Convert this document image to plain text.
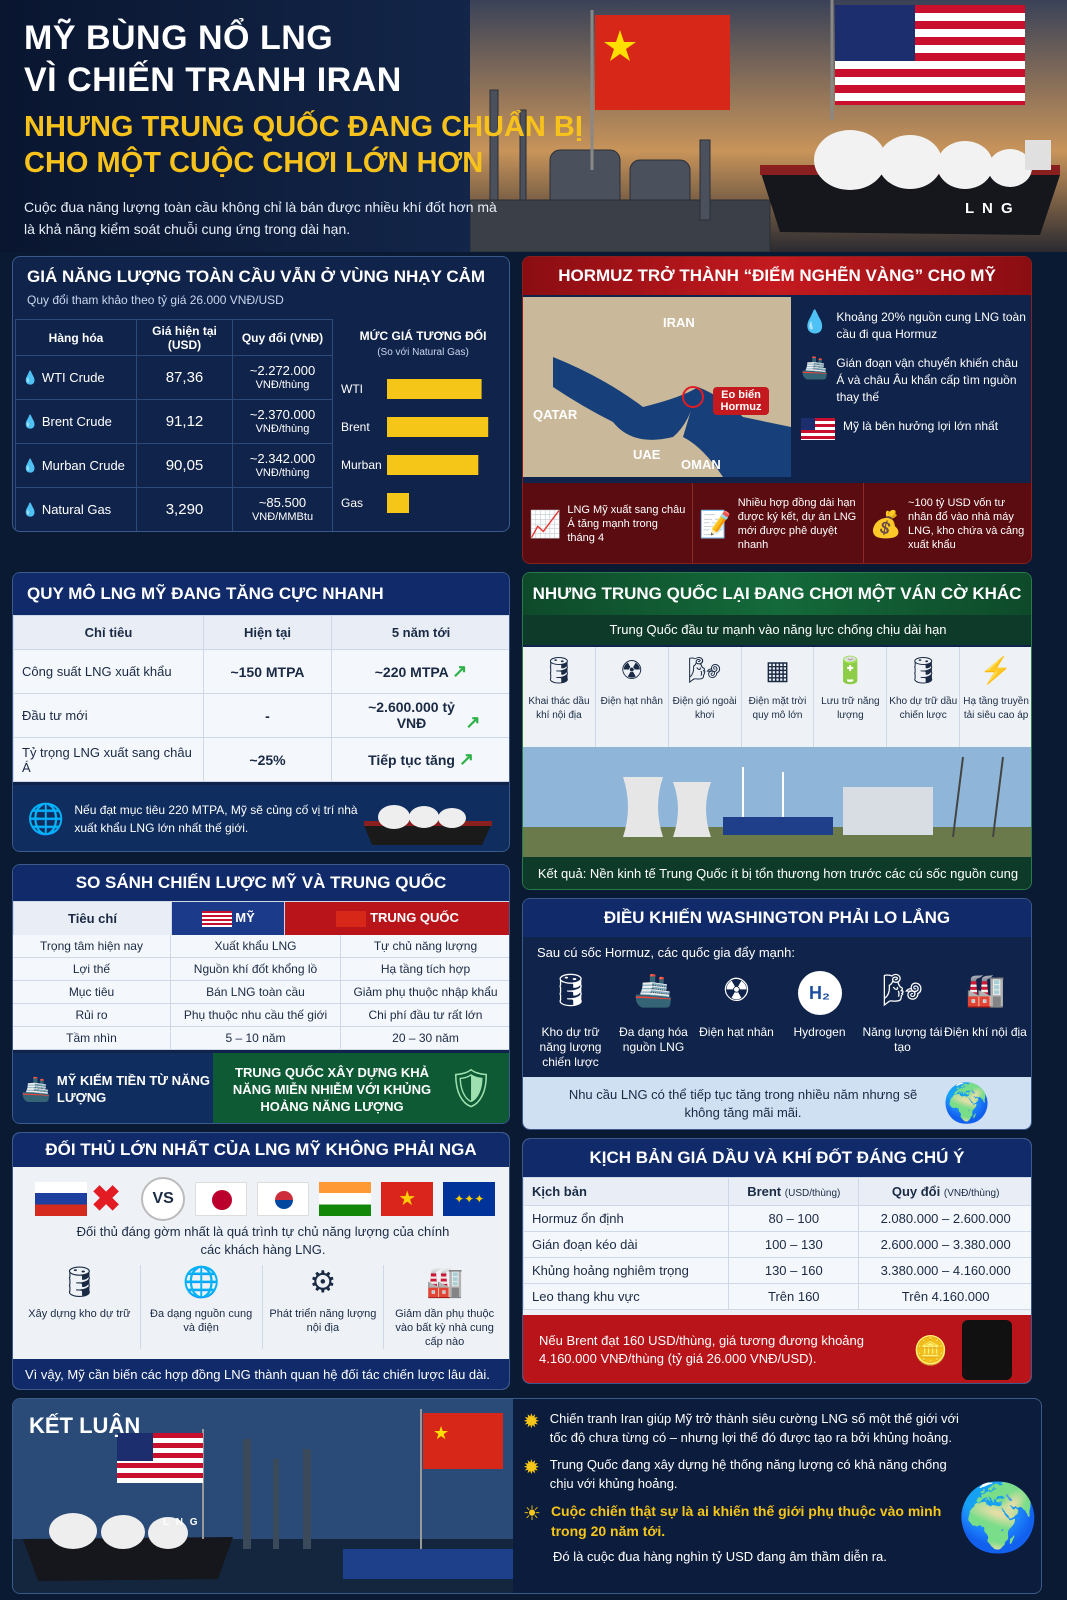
MỸ BÙNG NỔ LNG
VÌ CHIẾN TRANH IRAN
NHƯNG TRUNG QUỐC ĐANG CHUẨN BỊ
CHO MỘT CUỘC CHƠI LỚN HƠN
Cuộc đua năng lượng toàn cầu không chỉ là bán được nhiều khí đốt hơn mà là khả năng kiểm soát chuỗi cung ứng trong dài hạn.
L N G
GIÁ NĂNG LƯỢNG TOÀN CẦU VẪN Ở VÙNG NHẠY CẢM
Quy đổi tham khảo theo tỷ giá 26.000 VNĐ/USD
Hàng hóa	Giá hiện tại (USD)	Quy đổi (VNĐ)
💧 WTI Crude	87,36	~2.272.000
VNĐ/thùng

💧 Brent Crude	91,12	~2.370.000
VNĐ/thùng

💧 Murban Crude	90,05	~2.342.000
VNĐ/thùng

💧 Natural Gas	3,290	~85.500
VNĐ/MMBtu
MỨC GIÁ TƯƠNG ĐỐI
(So với Natural Gas)
WTI
Brent
Murban
Gas
HORMUZ TRỞ THÀNH “ĐIỂM NGHẼN VÀNG” CHO MỸ
IRAN
QATAR
UAE
OMAN
Eo biển Hormuz
💧 Khoảng 20% nguồn cung LNG toàn cầu đi qua Hormuz
🚢 Gián đoạn vận chuyển khiến châu Á và châu Âu khẩn cấp tìm nguồn thay thế
Mỹ là bên hưởng lợi lớn nhất
📈 LNG Mỹ xuất sang châu Á tăng mạnh trong tháng 4	📝
Nhiều hợp đồng dài hạn được ký kết, dự án LNG mới được phê duyệt nhanh
💰
~100 tỷ USD vốn tư nhân đổ vào nhà máy LNG, kho chứa và cảng xuất khẩu
QUY MÔ LNG MỸ ĐANG TĂNG CỰC NHANH
Chỉ tiêu	Hiện tại	5 năm tới
Công suất LNG xuất khẩu	~150 MTPA	~220 MTPA ↗
Đầu tư mới	-	~2.600.000 tỷ VNĐ ↗
Tỷ trọng LNG xuất sang châu Á	~25%	Tiếp tục tăng ↗
🌐 Nếu đạt mục tiêu 220 MTPA, Mỹ sẽ củng cố vị trí nhà xuất khẩu LNG lớn nhất thế giới.
NHƯNG TRUNG QUỐC LẠI ĐANG CHƠI MỘT VÁN CỜ KHÁC
Trung Quốc đầu tư mạnh vào năng lực chống chịu dài hạn
🛢
Khai thác dầu khí nội địa
☢
Điện hạt nhân
🌬
Điện gió ngoài khơi
▦
Điện mặt trời quy mô lớn
🔋
Lưu trữ năng lượng
🛢
Kho dự trữ dầu chiến lược
⚡
Hạ tầng truyền tải siêu cao áp
Kết quả: Nền kinh tế Trung Quốc ít bị tổn thương hơn trước các cú sốc nguồn cung
SO SÁNH CHIẾN LƯỢC MỸ VÀ TRUNG QUỐC
Tiêu chí	MỸ	TRUNG QUỐC
Trọng tâm hiện nay	Xuất khẩu LNG	Tự chủ năng lượng
Lợi thế	Nguồn khí đốt khổng lồ	Hạ tầng tích hợp
Mục tiêu	Bán LNG toàn cầu	Giảm phụ thuộc nhập khẩu
Rủi ro	Phụ thuộc nhu cầu thế giới	Chi phí đầu tư rất lớn
Tầm nhìn	5 – 10 năm	20 – 30 năm
🚢 MỸ KIẾM TIỀN TỪ NĂNG LƯỢNG
TRUNG QUỐC XÂY DỰNG KHẢ NĂNG MIỄN NHIỄM VỚI KHỦNG HOẢNG NĂNG LƯỢNG	🛡
ĐIỀU KHIẾN WASHINGTON PHẢI LO LẮNG
Sau cú sốc Hormuz, các quốc gia đẩy mạnh:
🛢
Kho dự trữ năng lượng chiến lược
🚢
Đa dạng hóa nguồn LNG
☢
Điện hạt nhân
H₂
Hydrogen
🌬
Năng lượng tái tạo
🏭
Điện khí nội địa
Nhu cầu LNG có thể tiếp tục tăng trong nhiều năm nhưng sẽ không tăng mãi mãi.	🌍
ĐỐI THỦ LỚN NHẤT CỦA LNG MỸ KHÔNG PHẢI NGA
✖	VS	★	✦✦✦
Đối thủ đáng gờm nhất là quá trình tự chủ năng lượng của chính các khách hàng LNG.
🛢
Xây dựng kho dự trữ
🌐
Đa dạng nguồn cung và điện
⚙
Phát triển năng lượng nội địa
🏭
Giảm dần phụ thuộc vào bất kỳ nhà cung cấp nào
Vì vậy, Mỹ cần biến các hợp đồng LNG thành quan hệ đối tác chiến lược lâu dài.
KỊCH BẢN GIÁ DẦU VÀ KHÍ ĐỐT ĐÁNG CHÚ Ý
Kịch bản	Brent (USD/thùng)	Quy đổi (VNĐ/thùng)
Hormuz ổn định	80 – 100	2.080.000 – 2.600.000
Gián đoạn kéo dài	100 – 130	2.600.000 – 3.380.000
Khủng hoảng nghiêm trọng	130 – 160	3.380.000 – 4.160.000
Leo thang khu vực	Trên 160	Trên 4.160.000
Nếu Brent đạt 160 USD/thùng, giá tương đương khoảng 4.160.000 VNĐ/thùng (tỷ giá 26.000 VNĐ/USD).	🪙
★
KẾT LUẬN
L N G
✹ Chiến tranh Iran giúp Mỹ trở thành siêu cường LNG số một thế giới với tốc độ chưa từng có – nhưng lợi thế đó được tạo ra bởi khủng hoảng.
✹ Trung Quốc đang xây dựng hệ thống năng lượng có khả năng chống chịu với khủng hoảng.
☀ Cuộc chiến thật sự là ai khiến thế giới phụ thuộc vào mình trong 20 năm tới.
Đó là cuộc đua hàng nghìn tỷ USD đang âm thầm diễn ra.
🌍
